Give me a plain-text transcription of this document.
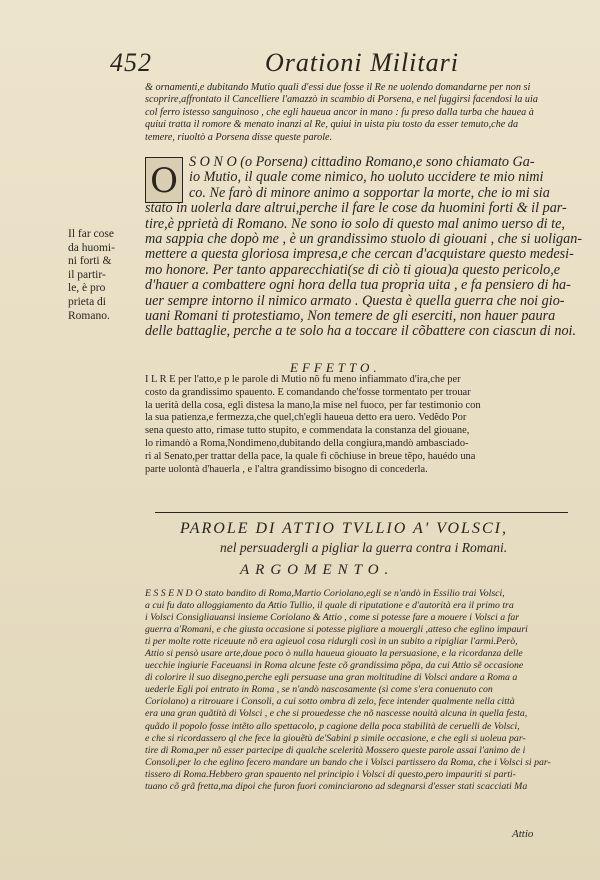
452	Orationi Militari

& ornamenti,e dubitando Mutio quali d'essi due fosse il Re ne uolendo domandarne per non si

scoprire,affrontato il Cancelliere l'amazzò in scambio di Porsena, e nel fuggirsi facendosi la uia

col ferro istesso sanguinoso , che egli haueua ancor in mano : fu preso dalla turba che hauea à

quiui tratta il romore & menato inanzi al Re, quiui in uista piu tosto da esser temuto,che da

temere, riuoltò a Porsena disse queste parole.

O S O N O (o Porsena) cittadino Romano,e sono chiamato Ga-

io Mutio, il quale come nimico, ho uoluto uccidere te mio nimi

co. Ne farò di minore animo a sopportar la morte, che io mi sia

stato in uolerla dare altrui,perche il fare le cose da huomini forti & il par-

tire,è pprietà di Romano. Ne sono io solo di questo mal animo uerso di te,

ma sappia che dopò me , è un grandissimo stuolo di giouani , che si uoligan-

mettere a questa gloriosa impresa,e che cercan d'acquistare questo medesi-

mo honore. Per tanto apparecchiati(se di ciò ti gioua)a questo pericolo,e

d'hauer a combattere ogni hora della tua propria uita , e fa pensiero di ha-

uer sempre intorno il nimico armato . Questa è quella guerra che noi gio-

uani Romani ti protestiamo, Non temere de gli eserciti, non hauer paura

delle battaglie, perche a te solo ha a toccare il cõbattere con ciascun di noi.

Il far cose

da huomi-

ni forti &

il partir-

le, è pro

prieta di

Romano.

EFFETTO.

I L R E per l'atto,e p le parole di Mutio nõ fu meno infiammato d'ira,che per

costo da grandissimo spauento. E comandando che'fosse tormentato per trouar

la uerità della cosa, egli distesa la mano,la mise nel fuoco, per far testimonio con

la sua patienza,e fermezza,che quel,ch'egli haueua detto era uero. Vedẽdo Por

sena questo atto, rimase tutto stupito, e commendata la constanza del giouane,

lo rimandò a Roma,Nondimeno,dubitando della congiura,mandò ambasciado-

ri al Senato,per trattar della pace, la quale fi cõchiuse in breue tẽpo, hauédo una

parte uolontà d'hauerla , e l'altra grandissimo bisogno di concederla.

PAROLE DI ATTIO TVLLIO A' VOLSCI,
nel persuadergli a pigliar la guerra contra i Romani.
ARGOMENTO.

E S S E N D O stato bandito di Roma,Martio Coriolano,egli se n'andò in Essilio trai Volsci,

a cui fu dato alloggiamento da Attio Tullio, il quale di riputatione e d'autorità era il primo tra

i Volsci Consigliauansi insieme Coriolano & Attio , come si potesse fare a mouere i Volsci a far

guerra a'Romani, e che giusta occasione si potesse pigliare a mouergli ,atteso che eglino impauri

ti per molte rotte riceuute nõ era agieuol cosa ridurgli così in un subito a ripigliar l'armi.Però,

Attio si pensò usare arte,doue poco ò nulla haueua giouato la persuasione, e la ricordanza delle

uecchie ingiurie Faceuansi in Roma alcune feste cõ grandissima põpa, da cui Attio sẽ occasione

di colorire il suo disegno,perche egli persuase una gran moltitudine di Volsci andare a Roma a

uederle Egli poi entrato in Roma , se n'andò nascosamente (sì come s'era conuenuto con

Coriolano) a ritrouare i Consoli, a cui sotto ombra di zelo, fece intender qualmente nella città

era una gran quãtità di Volsci , e che si prouedesse che nõ nascesse nouità alcuna in quella festa,

quãdo il popolo fosse intẽto allo spettacolo, p cagione della poca stabilità de ceruelli de Volsci,

e che si ricordassero ql che fece la giouẽtù de'Sabini p simile occasione, e che egli si uoleua par-

tire di Roma,per nõ esser partecipe di qualche scelerità Mossero queste parole assai l'animo de i

Consoli,per lo che eglino fecero mandare un bando che i Volsci partissero da Roma, che i Volsci si par-

tissero di Roma.Hebbero gran spauento nel principio i Volsci di questo,pero impauriti si parti-

tuano cõ grã fretta,ma dipoi che furon fuori cominciarono ad sdegnarsi d'esser stati scacciati Ma

Attio
